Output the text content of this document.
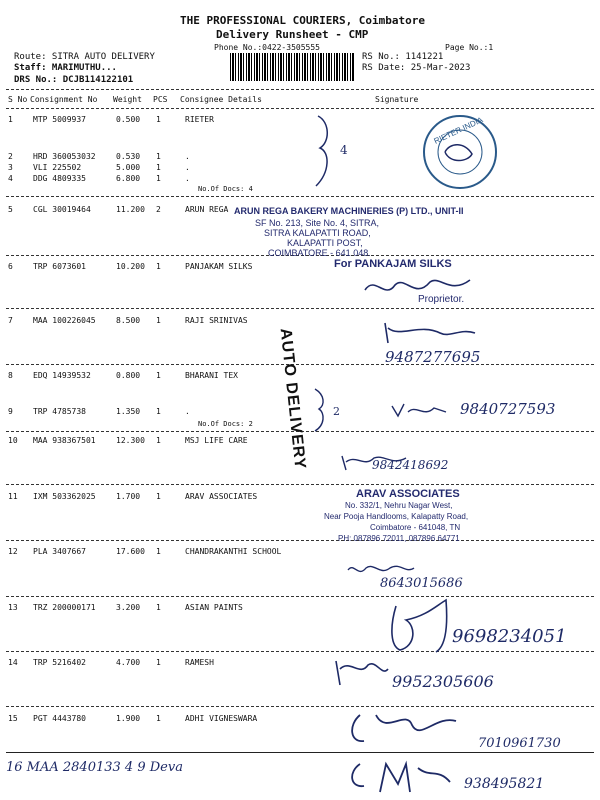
THE PROFESSIONAL COURIERS, Coimbatore
Delivery Runsheet - CMP
Phone No.:0422-3505555	Page No.:1
Route: SITRA AUTO DELIVERY
Staff: MARIMUTHU...
DRS No.: DCJB114122101
RS No.: 1141221
RS Date: 25-Mar-2023
S No Consignment No Weight PCS Consignee Details	Signature
1	MTP 5009937	0.500 1	RIETER
2	HRD 360053032	0.530 1	.
3	VLI 225502	5.000 1	.
4	DDG 4809335	6.800 1	.
No.Of Docs: 4
5	CGL 30019464	11.200 2	ARUN REGA
6	TRP 6073601	10.200 1	PANJAKAM SILKS
7	MAA 100226045	8.500 1	RAJI SRINIVAS
8	EDQ 14939532	0.800 1	BHARANI TEX
9	TRP 4785738	1.350 1	.
No.Of Docs: 2
10 MAA 938367501	12.300 1	MSJ LIFE CARE
11 IXM 503362025	1.700 1	ARAV ASSOCIATES
12 PLA 3407667	17.600 1	CHANDRAKANTHI SCHOOL
13 TRZ 200000171	3.200 1	ASIAN PAINTS
14 TRP 5216402	4.700 1	RAMESH
15 PGT 4443780	1.900 1	ADHI VIGNESWARA
4
RIETER INDIA
ARUN REGA BAKERY MACHINERIES (P) LTD., UNIT-II
SF No. 213, Site No. 4, SITRA,
SITRA KALAPATTI ROAD,
KALAPATTI POST,
COIMBATORE - 641 048.
For PANKAJAM SILKS
Proprietor.
AUTO DELIVERY	9487277695
2	9840727593
9842418692
ARAV ASSOCIATES
No. 332/1, Nehru Nagar West,
Near Pooja Handlooms, Kalapatty Road,
Coimbatore - 641048, TN
PH: 087896 72011, 087896 64771
8643015686
9698234051
9952305606
7010961730
16 MAA 2840133 4 9 Deva
938495821
